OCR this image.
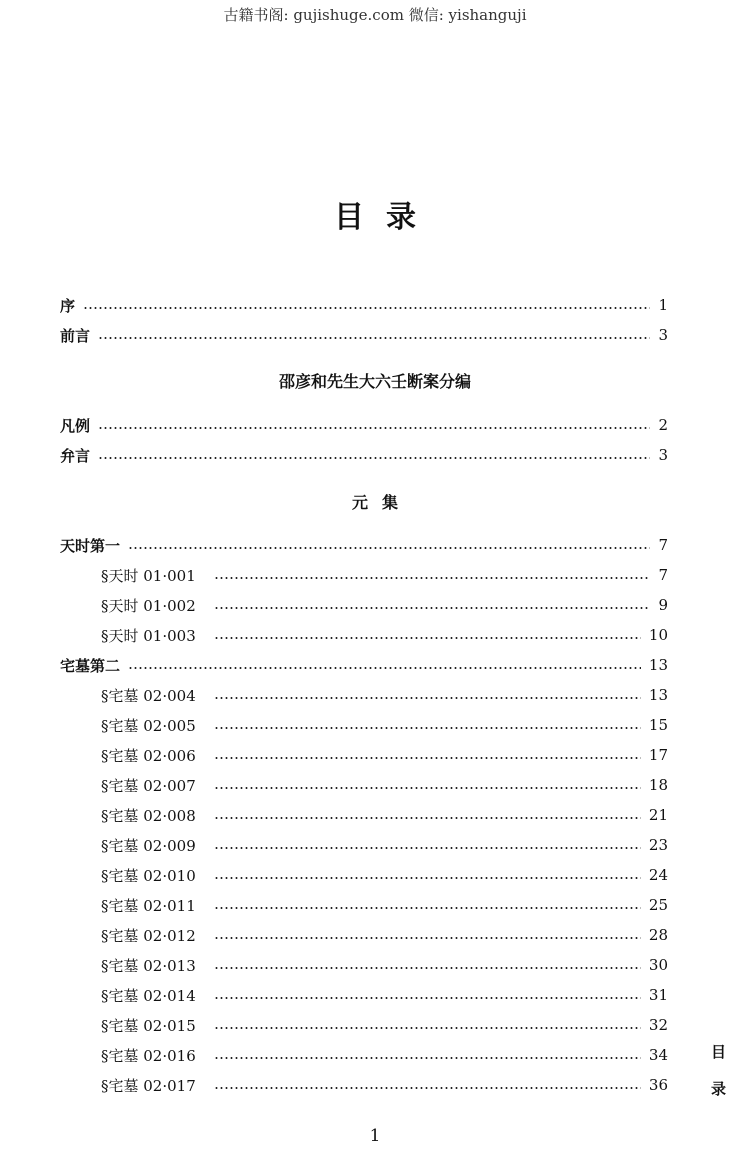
古籍书阁: gujishuge.com 微信: yishanguji
目录
序	1
前言	3
邵彦和先生大六壬断案分编
凡例	2
弁言	3
元集
天时第一	7
§天时 01·001	7
§天时 01·002	9
§天时 01·003	10
宅墓第二	13
§宅墓 02·004	13
§宅墓 02·005	15
§宅墓 02·006	17
§宅墓 02·007	18
§宅墓 02·008	21
§宅墓 02·009	23
§宅墓 02·010	24
§宅墓 02·011	25
§宅墓 02·012	28
§宅墓 02·013	30
§宅墓 02·014	31
§宅墓 02·015	32
§宅墓 02·016	34
§宅墓 02·017	36
目
录
1
